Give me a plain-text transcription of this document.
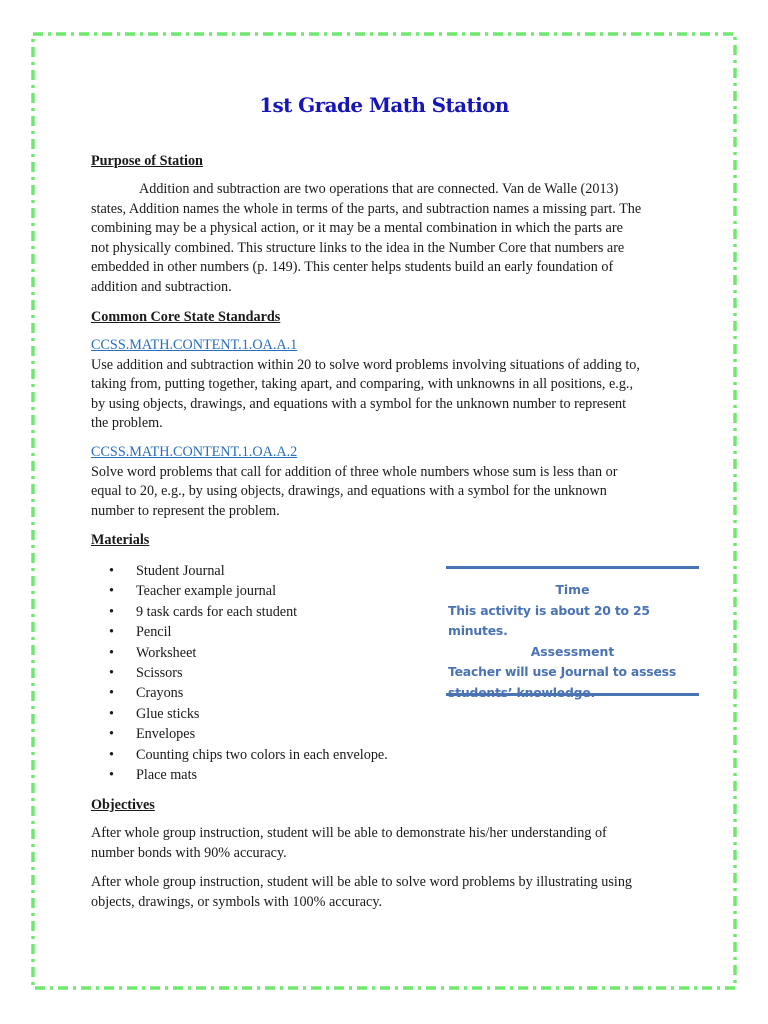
1st Grade Math Station
Purpose of Station
Addition and subtraction are two operations that are connected. Van de Walle (2013)
states, Addition names the whole in terms of the parts, and subtraction names a missing part. The
combining may be a physical action, or it may be a mental combination in which the parts are
not physically combined. This structure links to the idea in the Number Core that numbers are
embedded in other numbers (p. 149). This center helps students build an early foundation of
addition and subtraction.
Common Core State Standards
CCSS.MATH.CONTENT.1.OA.A.1
Use addition and subtraction within 20 to solve word problems involving situations of adding to,
taking from, putting together, taking apart, and comparing, with unknowns in all positions, e.g.,
by using objects, drawings, and equations with a symbol for the unknown number to represent
the problem.
CCSS.MATH.CONTENT.1.OA.A.2
Solve word problems that call for addition of three whole numbers whose sum is less than or
equal to 20, e.g., by using objects, drawings, and equations with a symbol for the unknown
number to represent the problem.
Materials
• Student Journal
• Teacher example journal
• 9 task cards for each student
• Pencil
• Worksheet
• Scissors
• Crayons
• Glue sticks
• Envelopes
• Counting chips two colors in each envelope.
• Place mats
Objectives
After whole group instruction, student will be able to demonstrate his/her understanding of
number bonds with 90% accuracy.
After whole group instruction, student will be able to solve word problems by illustrating using
objects, drawings, or symbols with 100% accuracy.
Time
This activity is about 20 to 25 minutes.
Assessment
Teacher will use Journal to assess
students’ knowledge.
